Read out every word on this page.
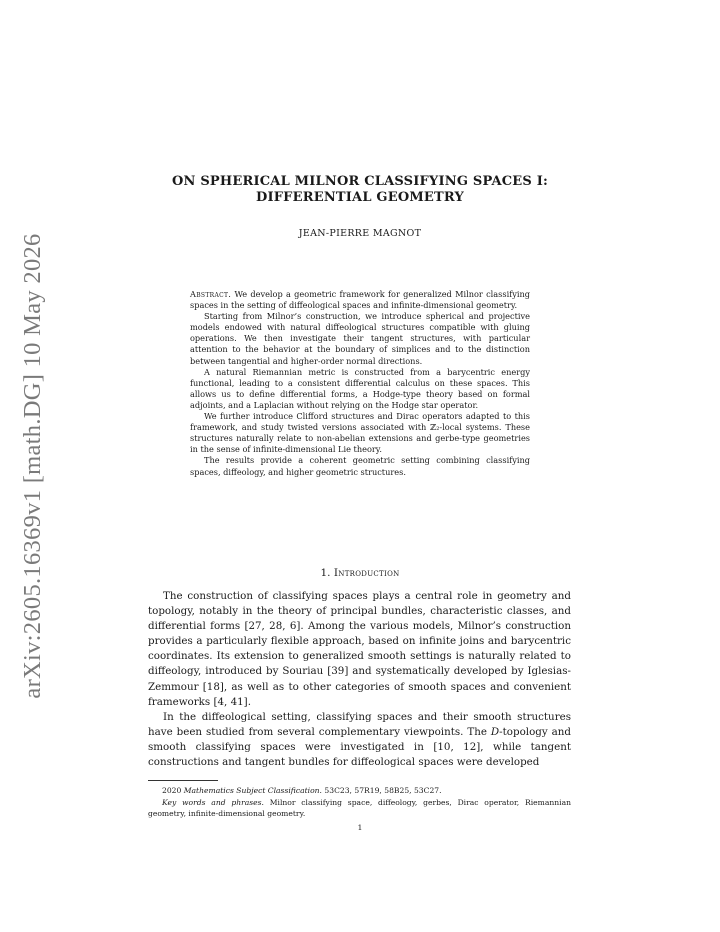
arXiv:2605.16369v1 [math.DG] 10 May 2026
ON SPHERICAL MILNOR CLASSIFYING SPACES I:
DIFFERENTIAL GEOMETRY
JEAN-PIERRE MAGNOT

Abstract. We develop a geometric framework for generalized Milnor classifying spaces in the setting of diffeological spaces and infinite-dimensional geometry.

Starting from Milnor’s construction, we introduce spherical and projective models endowed with natural diffeological structures compatible with gluing operations. We then investigate their tangent structures, with particular attention to the behavior at the boundary of simplices and to the distinction between tangential and higher-order normal directions.

A natural Riemannian metric is constructed from a barycentric energy functional, leading to a consistent differential calculus on these spaces. This allows us to define differential forms, a Hodge-type theory based on formal adjoints, and a Laplacian without relying on the Hodge star operator.

We further introduce Clifford structures and Dirac operators adapted to this framework, and study twisted versions associated with ℤ₂-local systems. These structures naturally relate to non-abelian extensions and gerbe-type geometries in the sense of infinite-dimensional Lie theory.

The results provide a coherent geometric setting combining classifying spaces, diffeology, and higher geometric structures.

1. Introduction

The construction of classifying spaces plays a central role in geometry and topology, notably in the theory of principal bundles, characteristic classes, and differential forms [27, 28, 6]. Among the various models, Milnor’s construction provides a particularly flexible approach, based on infinite joins and barycentric coordinates. Its extension to generalized smooth settings is naturally related to diffeology, introduced by Souriau [39] and systematically developed by Iglesias-Zemmour [18], as well as to other categories of smooth spaces and convenient frameworks [4, 41].

In the diffeological setting, classifying spaces and their smooth structures have been studied from several complementary viewpoints. The D-topology and smooth classifying spaces were investigated in [10, 12], while tangent constructions and tangent bundles for diffeological spaces were developed

2020 Mathematics Subject Classification. 53C23, 57R19, 58B25, 53C27.

Key words and phrases. Milnor classifying space, diffeology, gerbes, Dirac operator, Riemannian geometry, infinite-dimensional geometry.

1
